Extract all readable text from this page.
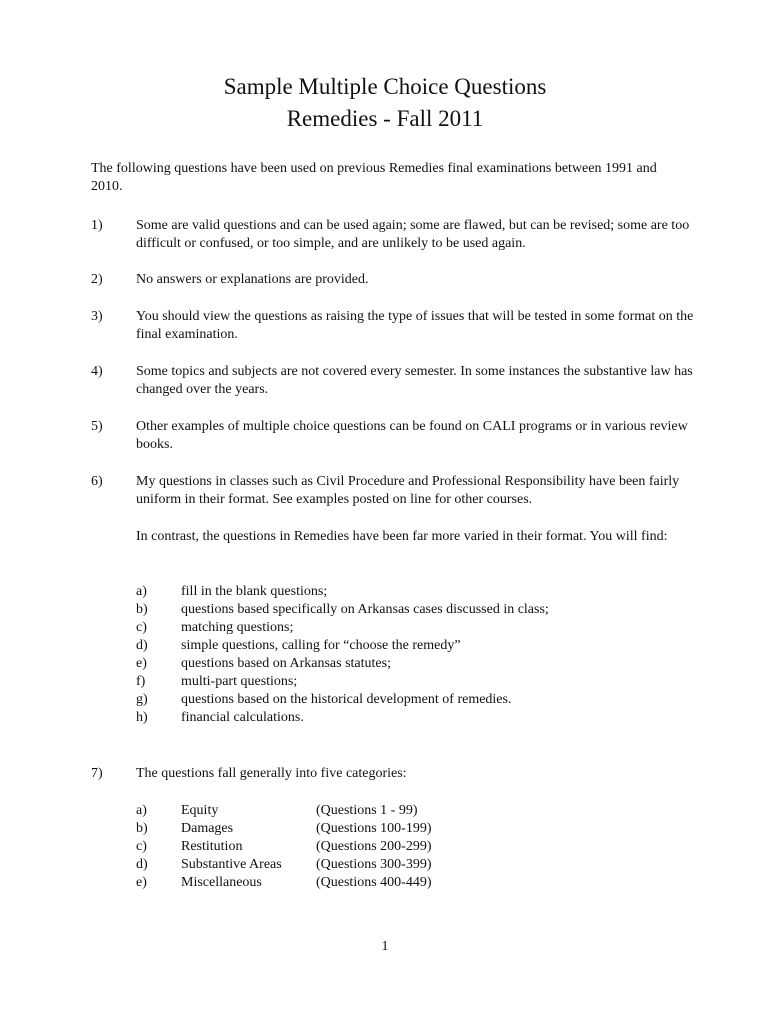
Sample Multiple Choice Questions
Remedies - Fall 2011
The following questions have been used on previous Remedies final examinations between 1991 and 2010.
1) Some are valid questions and can be used again; some are flawed, but can be revised; some are too difficult or confused, or too simple, and are unlikely to be used again.
2) No answers or explanations are provided.
3) You should view the questions as raising the type of issues that will be tested in some format on the final examination.
4) Some topics and subjects are not covered every semester. In some instances the substantive law has changed over the years.
5) Other examples of multiple choice questions can be found on CALI programs or in various review books.
6) My questions in classes such as Civil Procedure and Professional Responsibility have been fairly uniform in their format. See examples posted on line for other courses.
In contrast, the questions in Remedies have been far more varied in their format. You will find:
a) fill in the blank questions;
b) questions based specifically on Arkansas cases discussed in class;
c) matching questions;
d) simple questions, calling for “choose the remedy”
e) questions based on Arkansas statutes;
f)	multi-part questions;
g) questions based on the historical development of remedies.
h) financial calculations.
7) The questions fall generally into five categories:
a) Equity	(Questions 1 - 99)
b) Damages	(Questions 100-199)
c) Restitution	(Questions 200-299)
d) Substantive Areas (Questions 300-399)
e) Miscellaneous	(Questions 400-449)
1
